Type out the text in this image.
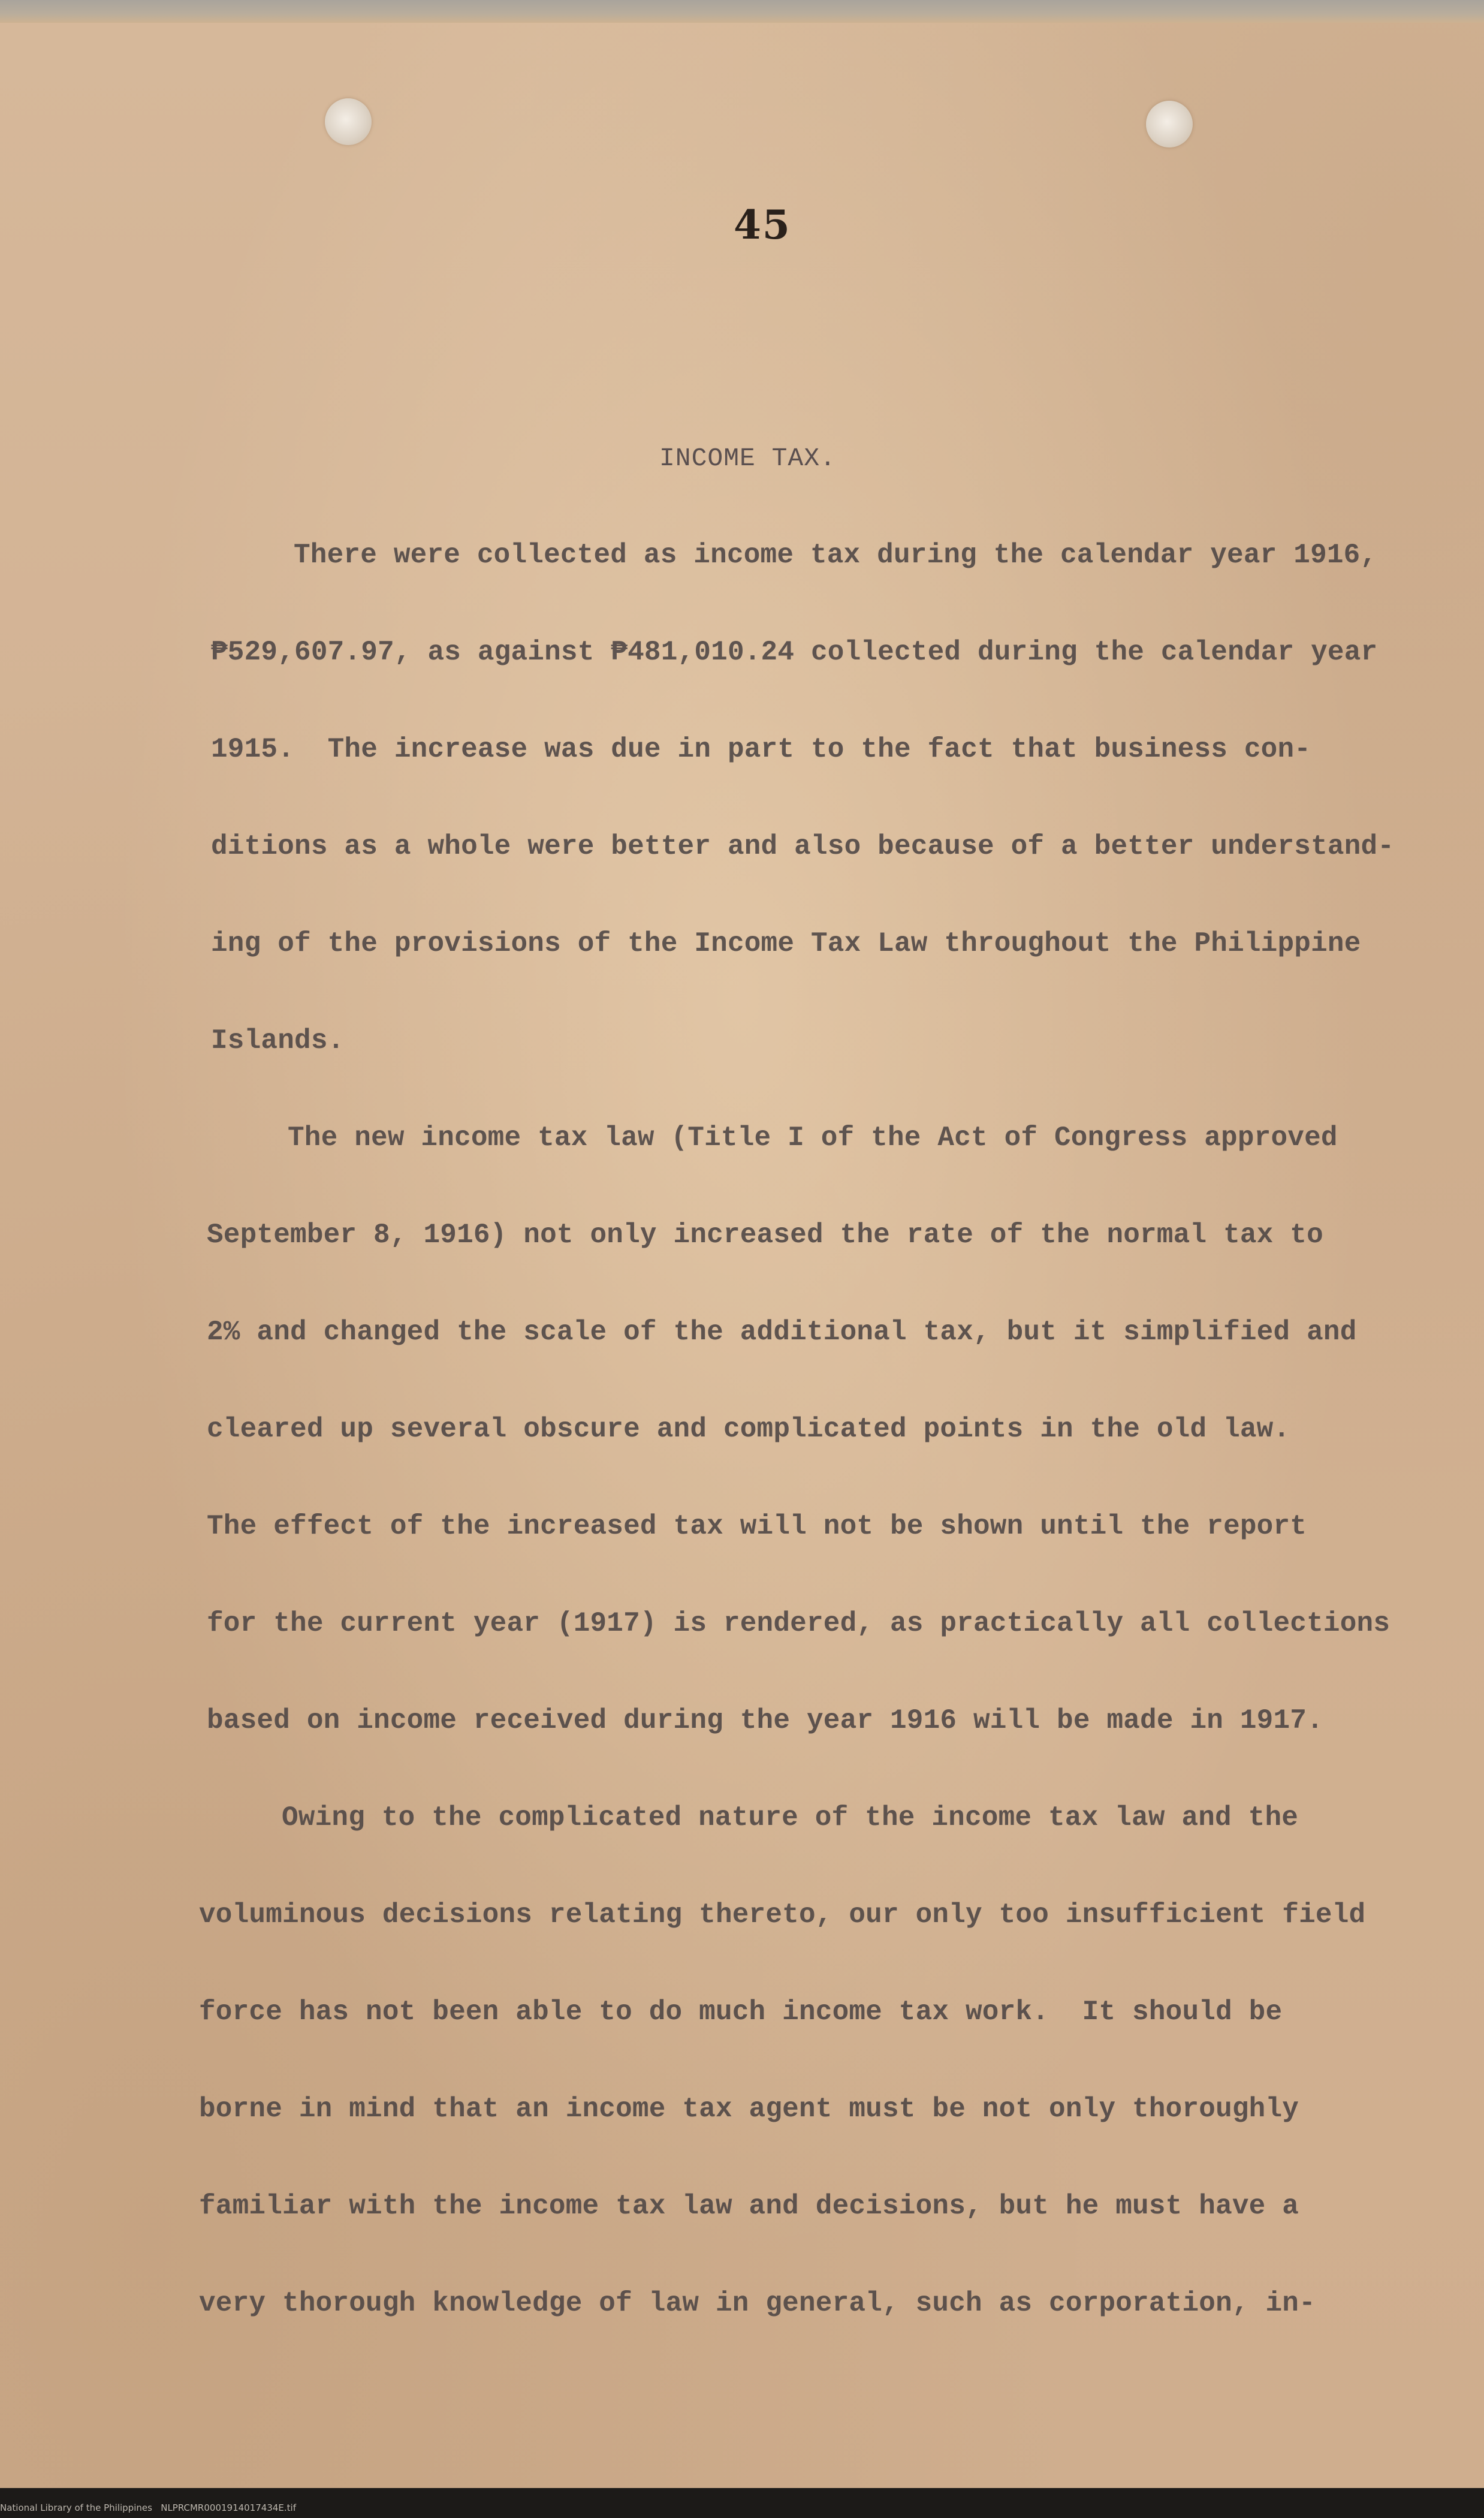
45
INCOME TAX.
There were collected as income tax during the calendar year 1916,
₱529,607.97, as against ₱481,010.24 collected during the calendar year
1915.  The increase was due in part to the fact that business con-
ditions as a whole were better and also because of a better understand-
ing of the provisions of the Income Tax Law throughout the Philippine
Islands.
The new income tax law (Title I of the Act of Congress approved
September 8, 1916) not only increased the rate of the normal tax to
2% and changed the scale of the additional tax, but it simplified and
cleared up several obscure and complicated points in the old law.
The effect of the increased tax will not be shown until the report
for the current year (1917) is rendered, as practically all collections
based on income received during the year 1916 will be made in 1917.
Owing to the complicated nature of the income tax law and the
voluminous decisions relating thereto, our only too insufficient field
force has not been able to do much income tax work.  It should be
borne in mind that an income tax agent must be not only thoroughly
familiar with the income tax law and decisions, but he must have a
very thorough knowledge of law in general, such as corporation, in-
National Library of the Philippines   NLPRCMR0001914017434E.tif
